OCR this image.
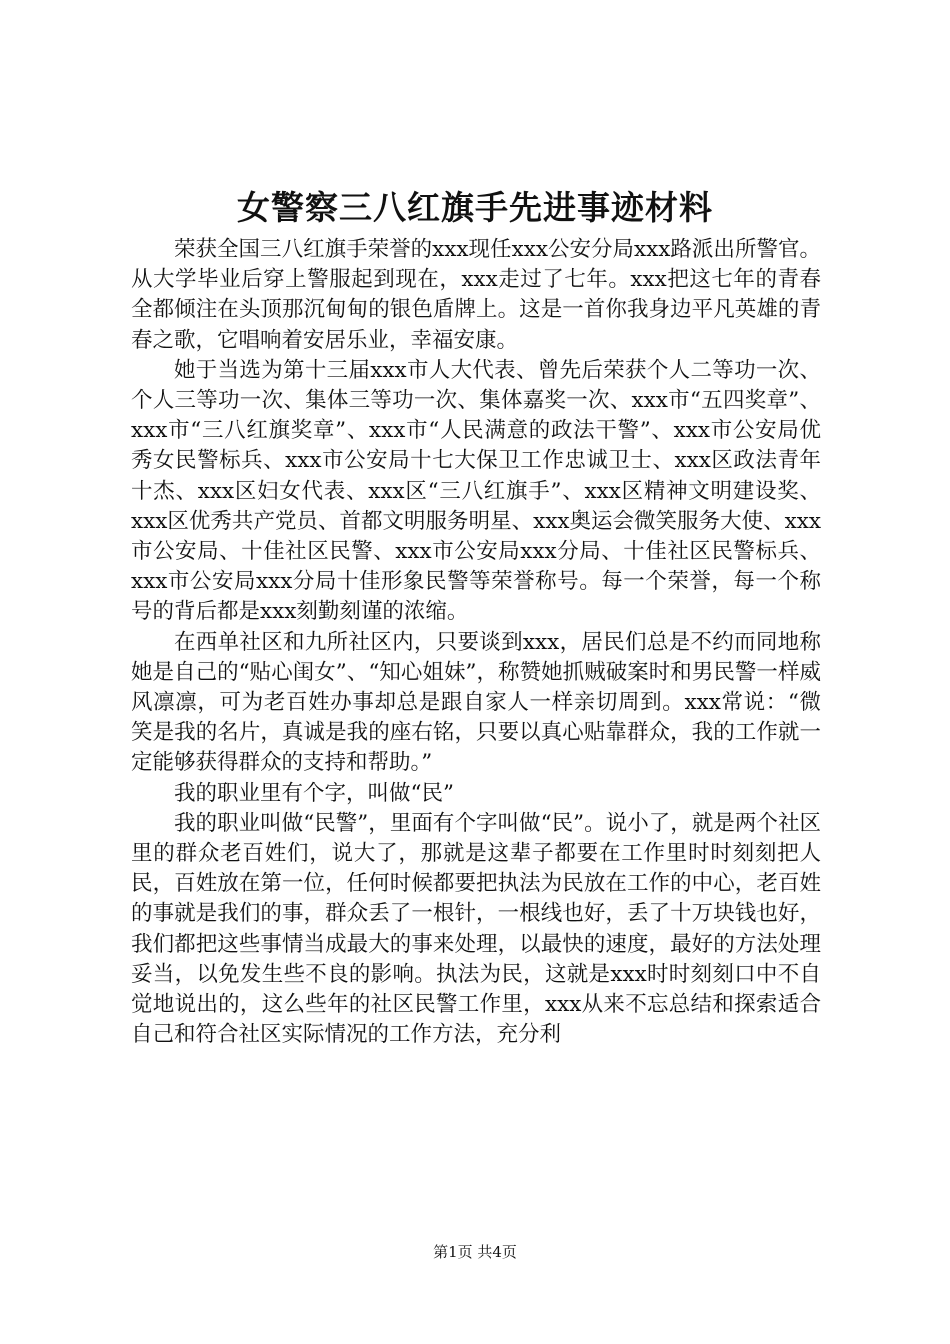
女警察三八红旗手先进事迹材料

荣获全国三八红旗手荣誉的xxx现任xxx公安分局xxx路派出所警官。从大学毕业后穿上警服起到现在，xxx走过了七年。xxx把这七年的青春全都倾注在头顶那沉甸甸的银色盾牌上。这是一首你我身边平凡英雄的青春之歌，它唱响着安居乐业，幸福安康。

她于当选为第十三届xxx市人大代表、曾先后荣获个人二等功一次、个人三等功一次、集体三等功一次、集体嘉奖一次、xxx市“五四奖章”、xxx市“三八红旗奖章”、xxx市“人民满意的政法干警”、xxx市公安局优秀女民警标兵、xxx市公安局十七大保卫工作忠诚卫士、xxx区政法青年十杰、xxx区妇女代表、xxx区“三八红旗手”、xxx区精神文明建设奖、xxx区优秀共产党员、首都文明服务明星、xxx奥运会微笑服务大使、xxx市公安局、十佳社区民警、xxx市公安局xxx分局、十佳社区民警标兵、xxx市公安局xxx分局十佳形象民警等荣誉称号。每一个荣誉，每一个称号的背后都是xxx刻勤刻谨的浓缩。

在西单社区和九所社区内，只要谈到xxx，居民们总是不约而同地称她是自己的“贴心闺女”、“知心姐妹”，称赞她抓贼破案时和男民警一样威风凛凛，可为老百姓办事却总是跟自家人一样亲切周到。xxx常说：“微笑是我的名片，真诚是我的座右铭，只要以真心贴靠群众，我的工作就一定能够获得群众的支持和帮助。”

我的职业里有个字，叫做“民”

我的职业叫做“民警”，里面有个字叫做“民”。说小了，就是两个社区里的群众老百姓们，说大了，那就是这辈子都要在工作里时时刻刻把人民，百姓放在第一位，任何时候都要把执法为民放在工作的中心，老百姓的事就是我们的事，群众丢了一根针，一根线也好，丢了十万块钱也好，我们都把这些事情当成最大的事来处理，以最快的速度，最好的方法处理妥当，以免发生些不良的影响。执法为民，这就是xxx时时刻刻口中不自觉地说出的，这么些年的社区民警工作里，xxx从来不忘总结和探索适合自己和符合社区实际情况的工作方法，充分利

第1页 共4页
